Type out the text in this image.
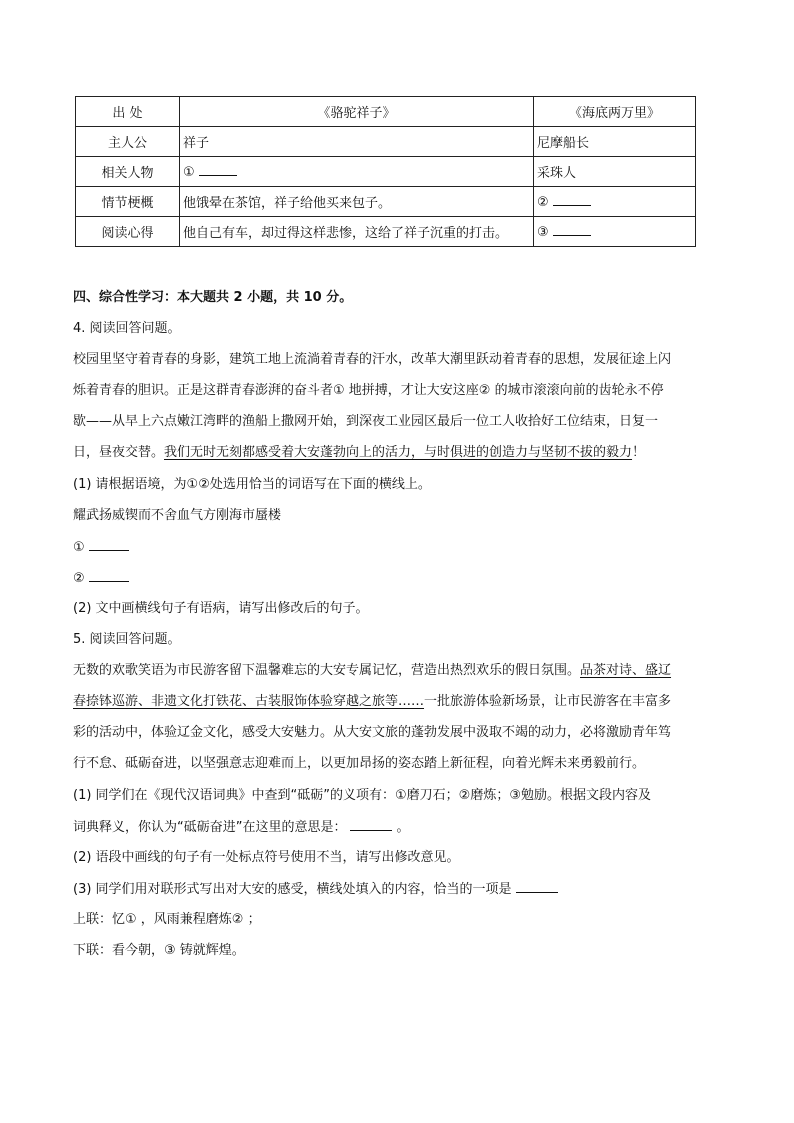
出 处	《骆驼祥子》	《海底两万里》
主人公	祥子	尼摩船长
相关人物	①	采珠人
情节梗概	他饿晕在茶馆，祥子给他买来包子。	②
阅读心得	他自己有车，却过得这样悲惨，这给了祥子沉重的打击。	③
四、综合性学习：本大题共 2 小题，共 10 分。
4. 阅读回答问题。
校园里坚守着青春的身影，建筑工地上流淌着青春的汗水，改革大潮里跃动着青春的思想，发展征途上闪
烁着青春的胆识。正是这群青春澎湃的奋斗者① 地拼搏，才让大安这座② 的城市滚滚向前的齿轮永不停
歇——从早上六点嫩江湾畔的渔船上撒网开始，到深夜工业园区最后一位工人收拾好工位结束，日复一
日，昼夜交替。我们无时无刻都感受着大安蓬勃向上的活力，与时俱进的创造力与坚韧不拔的毅力！
(1) 请根据语境，为①②处选用恰当的词语写在下面的横线上。
耀武扬威锲而不舍血气方刚海市蜃楼
①
②
(2) 文中画横线句子有语病，请写出修改后的句子。
5. 阅读回答问题。
无数的欢歌笑语为市民游客留下温馨难忘的大安专属记忆，营造出热烈欢乐的假日氛围。品茶对诗、盛辽
春捺钵巡游、非遗文化打铁花、古装服饰体验穿越之旅等……一批旅游体验新场景，让市民游客在丰富多
彩的活动中，体验辽金文化，感受大安魅力。从大安文旅的蓬勃发展中汲取不竭的动力，必将激励青年笃
行不怠、砥砺奋进，以坚强意志迎难而上，以更加昂扬的姿态踏上新征程，向着光辉未来勇毅前行。
(1) 同学们在《现代汉语词典》中查到“砥砺”的义项有：①磨刀石；②磨炼；③勉励。根据文段内容及
词典释义，你认为“砥砺奋进”在这里的意思是：	。
(2) 语段中画线的句子有一处标点符号使用不当，请写出修改意见。
(3) 同学们用对联形式写出对大安的感受，横线处填入的内容，恰当的一项是
上联：忆① ，风雨兼程磨炼② ；
下联：看今朝，③ 铸就辉煌。
